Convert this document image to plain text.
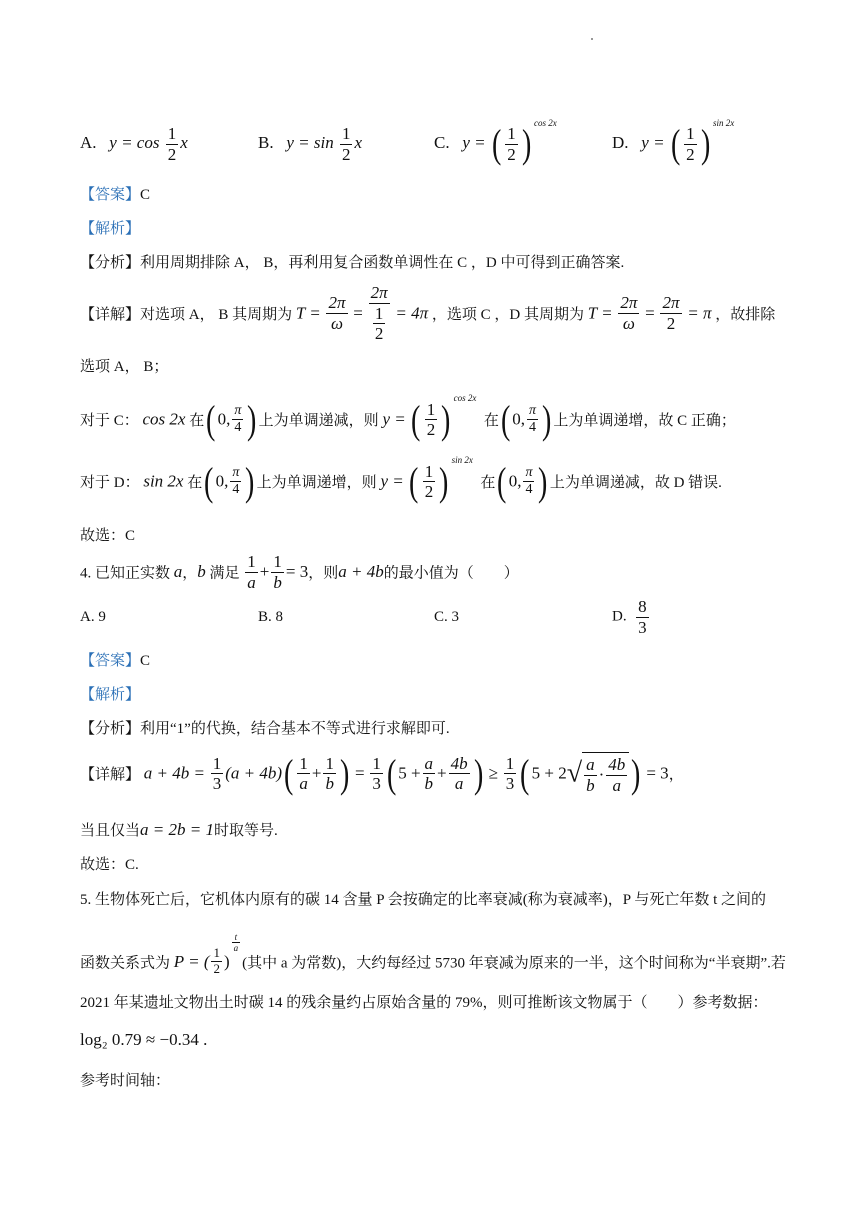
A. $y = \cos \frac{1}{2}$ x	B. $y = \sin \frac{1}{2}$ x	C. y = ( $\frac{1}{2}$ ) $^{cos 2x}$
D. y = ( $\frac{1}{2}$ ) $^{sin 2x}$
【答案】C
【解析】
【分析】利用周期排除 A， B，再利用复合函数单调性在 C ，D 中可得到正确答案.
【详解】对选项 A， B 其周期为 $T = \frac{2\pi}{\omega} = \frac{2\pi}{\frac{1}{2}} = 4\pi$ ，选项 C ，D 其周期为 $T = \frac{2\pi}{\omega} = \frac{2\pi}{2} = \pi$ ，故排除
选项 A， B；
对于 C： cos 2x 在( 0, $\frac{\pi}{4}$ ) 上为单调递减，则 y = ( $\frac{1}{2}$ ) $^{cos 2x}$  在( 0, $\frac{\pi}{4}$ ) 上为单调递增，故 C 正确；
对于 D： sin 2x 在( 0, $\frac{\pi}{4}$ ) 上为单调递增，则 y = ( $\frac{1}{2}$ ) $^{sin 2x}$  在( 0, $\frac{\pi}{4}$ ) 上为单调递减，故 D 错误.
故选：C
4. 已知正实数 a，b 满足 $\frac{1}{a} + \frac{1}{b} = 3$，则a + 4b的最小值为（　　）
A. 9	B. 8	C. 3	D. $\frac{8}{3}$
【答案】C
【解析】
【分析】利用“1”的代换，结合基本不等式进行求解即可.
【详解】 $a + 4b = \frac{1}{3} (a + 4b)( \frac{1}{a} + \frac{1}{b}$ ) = $\frac{1}{3}$ ( $5 + \frac{a}{b} + \frac{4b}{a}$ ) ≥ $\frac{1}{3}$ ( $5 + 2√ \frac{a}{b} \cdot \frac{4b}{a}$ ) = 3，
当且仅当a = 2b = 1时取等号.
故选：C.
5. 生物体死亡后，它机体内原有的碳 14 含量 P 会按确定的比率衰减(称为衰减率)，P 与死亡年数 t 之间的
函数关系式为 P = ( $\frac{1}{2}$ )
$\frac{t}{a}$
(其中 a 为常数)，大约每经过 5730 年衰减为原来的一半，这个时间称为“半衰期”.若
2021 年某遗址文物出土时碳 14 的残余量约占原始含量的 79%，则可推断该文物属于（　　）参考数据：
log₂ 0.79 ≈ −0.34 .
参考时间轴：
